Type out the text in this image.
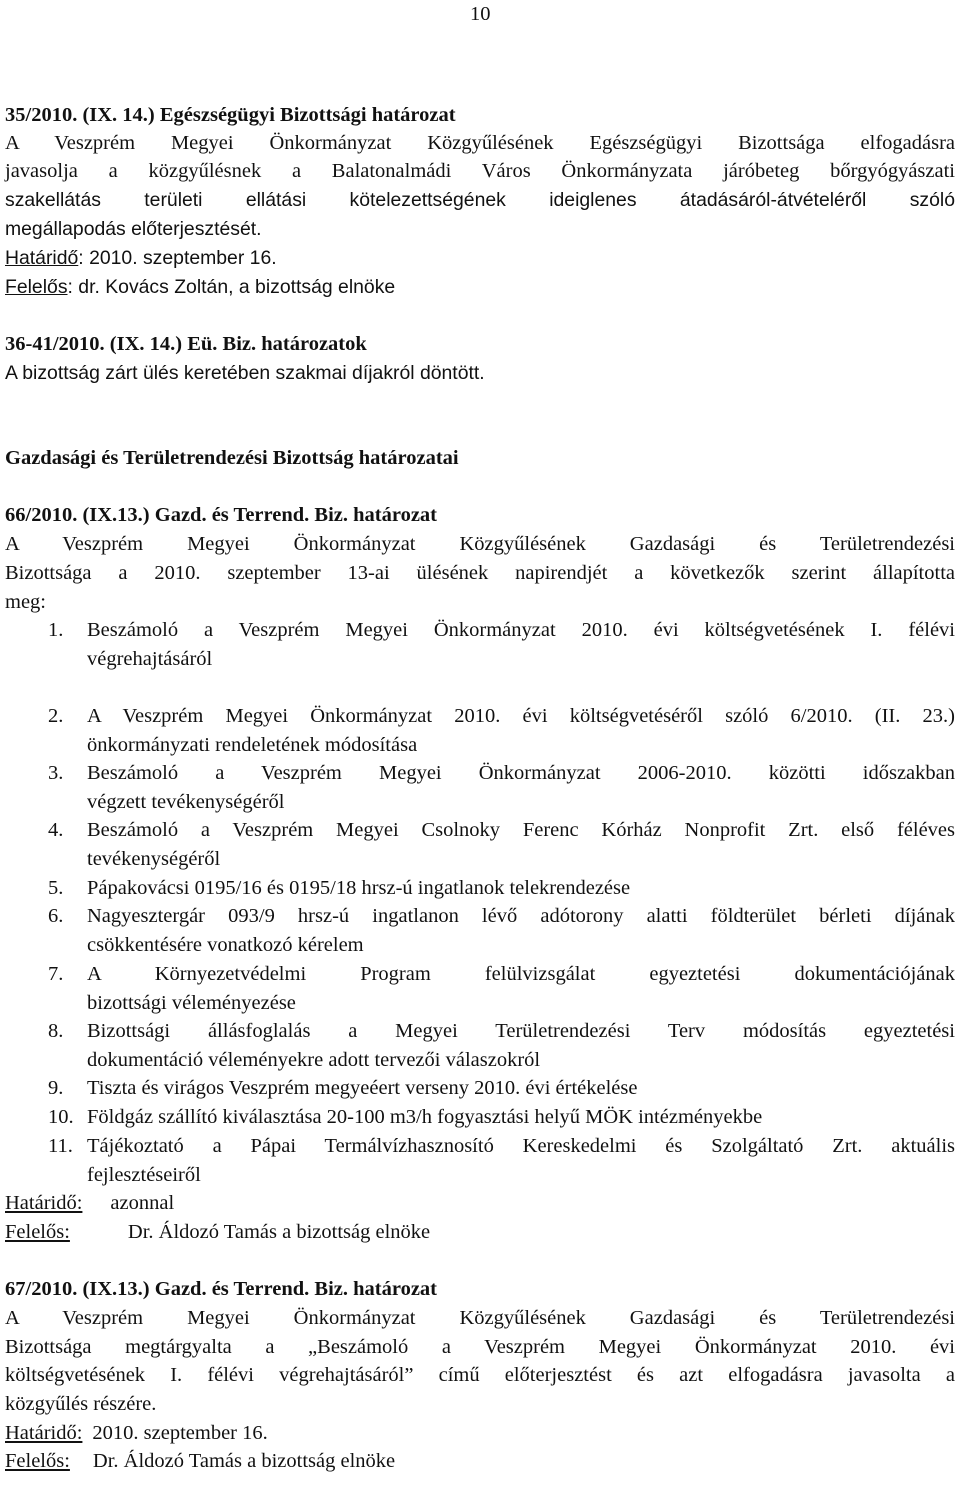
10
35/2010. (IX. 14.) Egészségügyi Bizottsági határozat
A Veszprém Megyei Önkormányzat Közgyűlésének Egészségügyi Bizottsága elfogadásra
javasolja a közgyűlésnek a Balatonalmádi Város Önkormányzata járóbeteg bőrgyógyászati
szakellátás területi ellátási kötelezettségének ideiglenes átadásáról-átvételéről szóló
megállapodás előterjesztését.
Határidő: 2010. szeptember 16.
Felelős: dr. Kovács Zoltán, a bizottság elnöke
36-41/2010. (IX. 14.) Eü. Biz. határozatok
A bizottság zárt ülés keretében szakmai díjakról döntött.
Gazdasági és Területrendezési Bizottság határozatai
66/2010. (IX.13.) Gazd. és Terrend. Biz. határozat
A Veszprém Megyei Önkormányzat Közgyűlésének Gazdasági és Területrendezési
Bizottsága a 2010. szeptember 13-ai ülésének napirendjét a következők szerint állapította
meg:
1. Beszámoló a Veszprém Megyei Önkormányzat 2010. évi költségvetésének I. félévi
végrehajtásáról
2. A Veszprém Megyei Önkormányzat 2010. évi költségvetéséről szóló 6/2010. (II. 23.)
önkormányzati rendeletének módosítása
3. Beszámoló a Veszprém Megyei Önkormányzat 2006-2010. közötti időszakban
végzett tevékenységéről
4. Beszámoló a Veszprém Megyei Csolnoky Ferenc Kórház Nonprofit Zrt. első féléves
tevékenységéről
5. Pápakovácsi 0195/16 és 0195/18 hrsz-ú ingatlanok telekrendezése
6. Nagyesztergár 093/9 hrsz-ú ingatlanon lévő adótorony alatti földterület bérleti díjának
csökkentésére vonatkozó kérelem
7. A Környezetvédelmi Program felülvizsgálat egyeztetési dokumentációjának
bizottsági véleményezése
8. Bizottsági állásfoglalás a Megyei Területrendezési Terv módosítás egyeztetési
dokumentáció véleményekre adott tervezői válaszokról
9. Tiszta és virágos Veszprém megyeéert verseny 2010. évi értékelése
10. Földgáz szállító kiválasztása 20-100 m3/h fogyasztási helyű MÖK intézményekbe
11. Tájékoztató a Pápai Termálvízhasznosító Kereskedelmi és Szolgáltató Zrt. aktuális
fejlesztéseiről
Határidő: azonnal
Felelős:	Dr. Áldozó Tamás a bizottság elnöke
67/2010. (IX.13.) Gazd. és Terrend. Biz. határozat
A Veszprém Megyei Önkormányzat Közgyűlésének Gazdasági és Területrendezési
Bizottsága megtárgyalta a „Beszámoló a Veszprém Megyei Önkormányzat 2010. évi
költségvetésének I. félévi végrehajtásáról” című előterjesztést és azt elfogadásra javasolta a
közgyűlés részére.
Határidő: 2010. szeptember 16.
Felelős: Dr. Áldozó Tamás a bizottság elnöke
